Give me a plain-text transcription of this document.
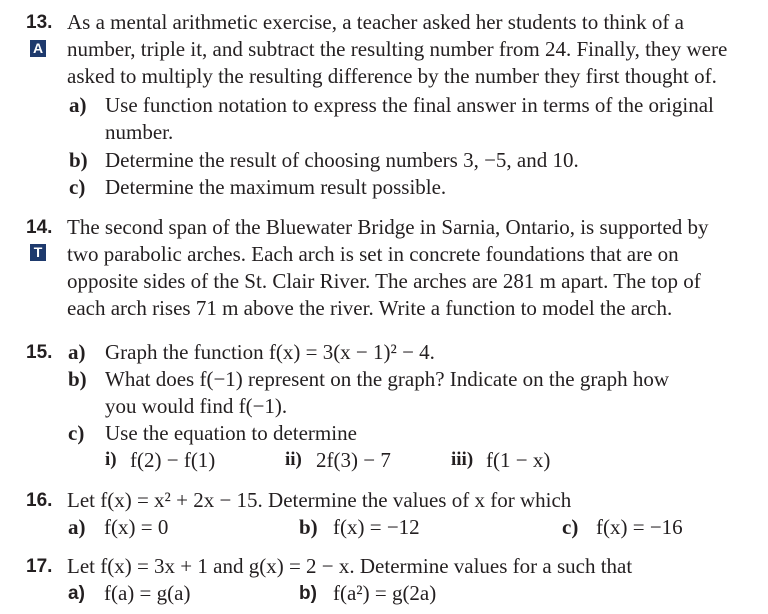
13.
A
As a mental arithmetic exercise, a teacher asked her students to think of a
number, triple it, and subtract the resulting number from 24. Finally, they were
asked to multiply the resulting difference by the number they first thought of.
a) Use function notation to express the final answer in terms of the original
number.
b) Determine the result of choosing numbers 3, −5, and 10.
c) Determine the maximum result possible.
14.
T
The second span of the Bluewater Bridge in Sarnia, Ontario, is supported by
two parabolic arches. Each arch is set in concrete foundations that are on
opposite sides of the St. Clair River. The arches are 281 m apart. The top of
each arch rises 71 m above the river. Write a function to model the arch.
15. a) Graph the function f(x) = 3(x − 1)² − 4.
b) What does f(−1) represent on the graph? Indicate on the graph how
you would find f(−1).
c) Use the equation to determine
i) f(2) − f(1)	ii) 2f(3) − 7	iii) f(1 − x)
16. Let f(x) = x² + 2x − 15. Determine the values of x for which
a) f(x) = 0	b) f(x) = −12	c) f(x) = −16
17. Let f(x) = 3x + 1 and g(x) = 2 − x. Determine values for a such that
a) f(a) = g(a)	b) f(a²) = g(2a)
